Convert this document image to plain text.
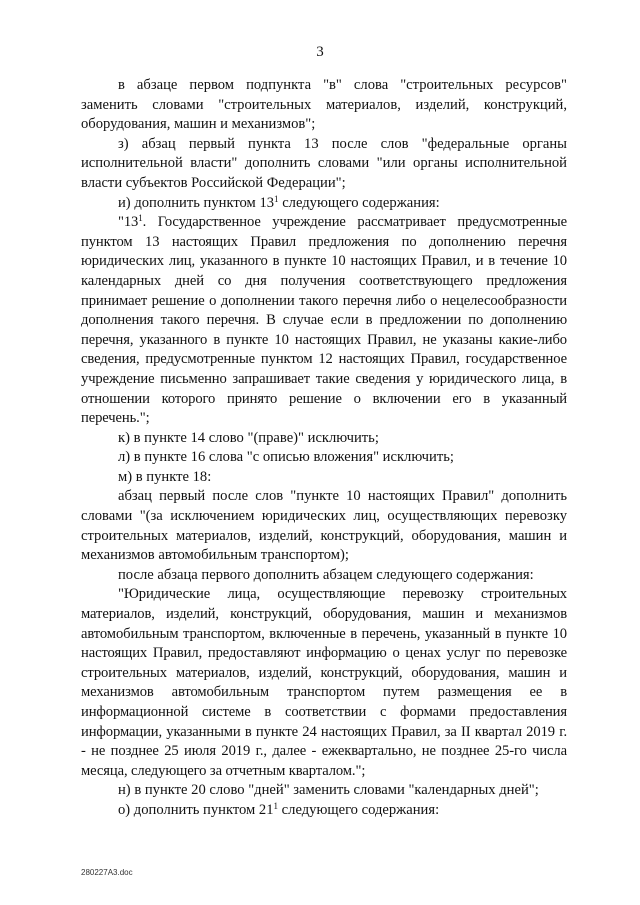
3

в абзаце первом подпункта "в" слова "строительных ресурсов" заменить словами "строительных материалов, изделий, конструкций, оборудования, машин и механизмов";

з) абзац первый пункта 13 после слов "федеральные органы исполнительной власти" дополнить словами "или органы исполнительной власти субъектов Российской Федерации";

и) дополнить пунктом $13^1$ следующего содержания:

"$13^1$. Государственное учреждение рассматривает предусмотренные пунктом 13 настоящих Правил предложения по дополнению перечня юридических лиц, указанного в пункте 10 настоящих Правил, и в течение 10 календарных дней со дня получения соответствующего предложения принимает решение о дополнении такого перечня либо о нецелесообразности дополнения такого перечня. В случае если в предложении по дополнению перечня, указанного в пункте 10 настоящих Правил, не указаны какие-либо сведения, предусмотренные пунктом 12 настоящих Правил, государственное учреждение письменно запрашивает такие сведения у юридического лица, в отношении которого принято решение о включении его в указанный перечень.";

к) в пункте 14 слово "(праве)" исключить;

л) в пункте 16 слова "с описью вложения" исключить;

м) в пункте 18:

абзац первый после слов "пункте 10 настоящих Правил" дополнить словами "(за исключением юридических лиц, осуществляющих перевозку строительных материалов, изделий, конструкций, оборудования, машин и механизмов автомобильным транспортом);

после абзаца первого дополнить абзацем следующего содержания:

"Юридические лица, осуществляющие перевозку строительных материалов, изделий, конструкций, оборудования, машин и механизмов автомобильным транспортом, включенные в перечень, указанный в пункте 10 настоящих Правил, предоставляют информацию о ценах услуг по перевозке строительных материалов, изделий, конструкций, оборудования, машин и механизмов автомобильным транспортом путем размещения ее в информационной системе в соответствии с формами предоставления информации, указанными в пункте 24 настоящих Правил, за II квартал 2019 г. - не позднее 25 июля 2019 г., далее - ежеквартально, не позднее 25-го числа месяца, следующего за отчетным кварталом.";

н) в пункте 20 слово "дней" заменить словами "календарных дней";

о) дополнить пунктом $21^1$ следующего содержания:

280227A3.doc
